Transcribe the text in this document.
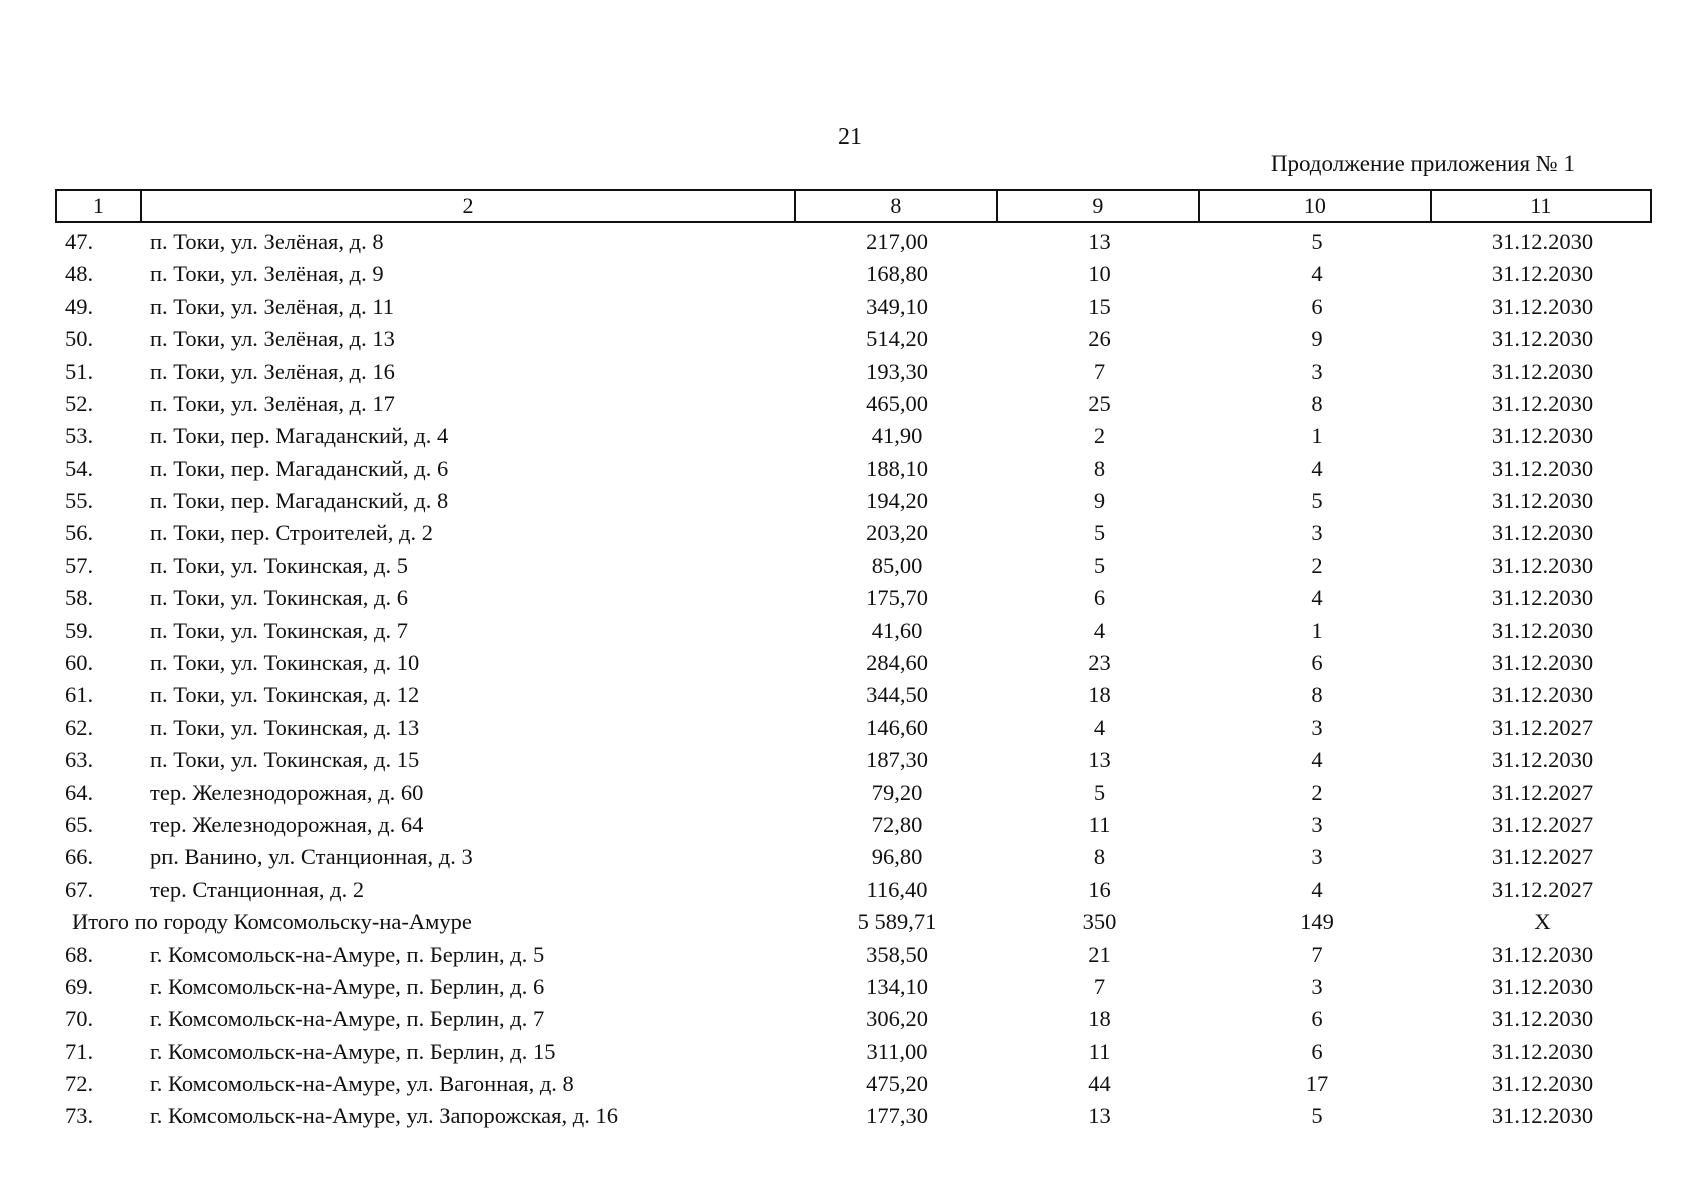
21
Продолжение приложения № 1
1	2	8	9	10	11
47.	п. Токи, ул. Зелёная, д. 8	217,00	13	5	31.12.2030
48.	п. Токи, ул. Зелёная, д. 9	168,80	10	4	31.12.2030
49.	п. Токи, ул. Зелёная, д. 11	349,10	15	6	31.12.2030
50.	п. Токи, ул. Зелёная, д. 13	514,20	26	9	31.12.2030
51.	п. Токи, ул. Зелёная, д. 16	193,30	7	3	31.12.2030
52.	п. Токи, ул. Зелёная, д. 17	465,00	25	8	31.12.2030
53.	п. Токи, пер. Магаданский, д. 4	41,90	2	1	31.12.2030
54.	п. Токи, пер. Магаданский, д. 6	188,10	8	4	31.12.2030
55.	п. Токи, пер. Магаданский, д. 8	194,20	9	5	31.12.2030
56.	п. Токи, пер. Строителей, д. 2	203,20	5	3	31.12.2030
57.	п. Токи, ул. Токинская, д. 5	85,00	5	2	31.12.2030
58.	п. Токи, ул. Токинская, д. 6	175,70	6	4	31.12.2030
59.	п. Токи, ул. Токинская, д. 7	41,60	4	1	31.12.2030
60.	п. Токи, ул. Токинская, д. 10	284,60	23	6	31.12.2030
61.	п. Токи, ул. Токинская, д. 12	344,50	18	8	31.12.2030
62.	п. Токи, ул. Токинская, д. 13	146,60	4	3	31.12.2027
63.	п. Токи, ул. Токинская, д. 15	187,30	13	4	31.12.2030
64.	тер. Железнодорожная, д. 60	79,20	5	2	31.12.2027
65.	тер. Железнодорожная, д. 64	72,80	11	3	31.12.2027
66.	рп. Ванино, ул. Станционная, д. 3	96,80	8	3	31.12.2027
67.	тер. Станционная, д. 2	116,40	16	4	31.12.2027
Итого по городу Комсомольску-на-Амуре	5 589,71	350	149	X
68.	г. Комсомольск-на-Амуре, п. Берлин, д. 5	358,50	21	7	31.12.2030
69.	г. Комсомольск-на-Амуре, п. Берлин, д. 6	134,10	7	3	31.12.2030
70.	г. Комсомольск-на-Амуре, п. Берлин, д. 7	306,20	18	6	31.12.2030
71.	г. Комсомольск-на-Амуре, п. Берлин, д. 15	311,00	11	6	31.12.2030
72.	г. Комсомольск-на-Амуре, ул. Вагонная, д. 8	475,20	44	17	31.12.2030
73.	г. Комсомольск-на-Амуре, ул. Запорожская, д. 16	177,30	13	5	31.12.2030
